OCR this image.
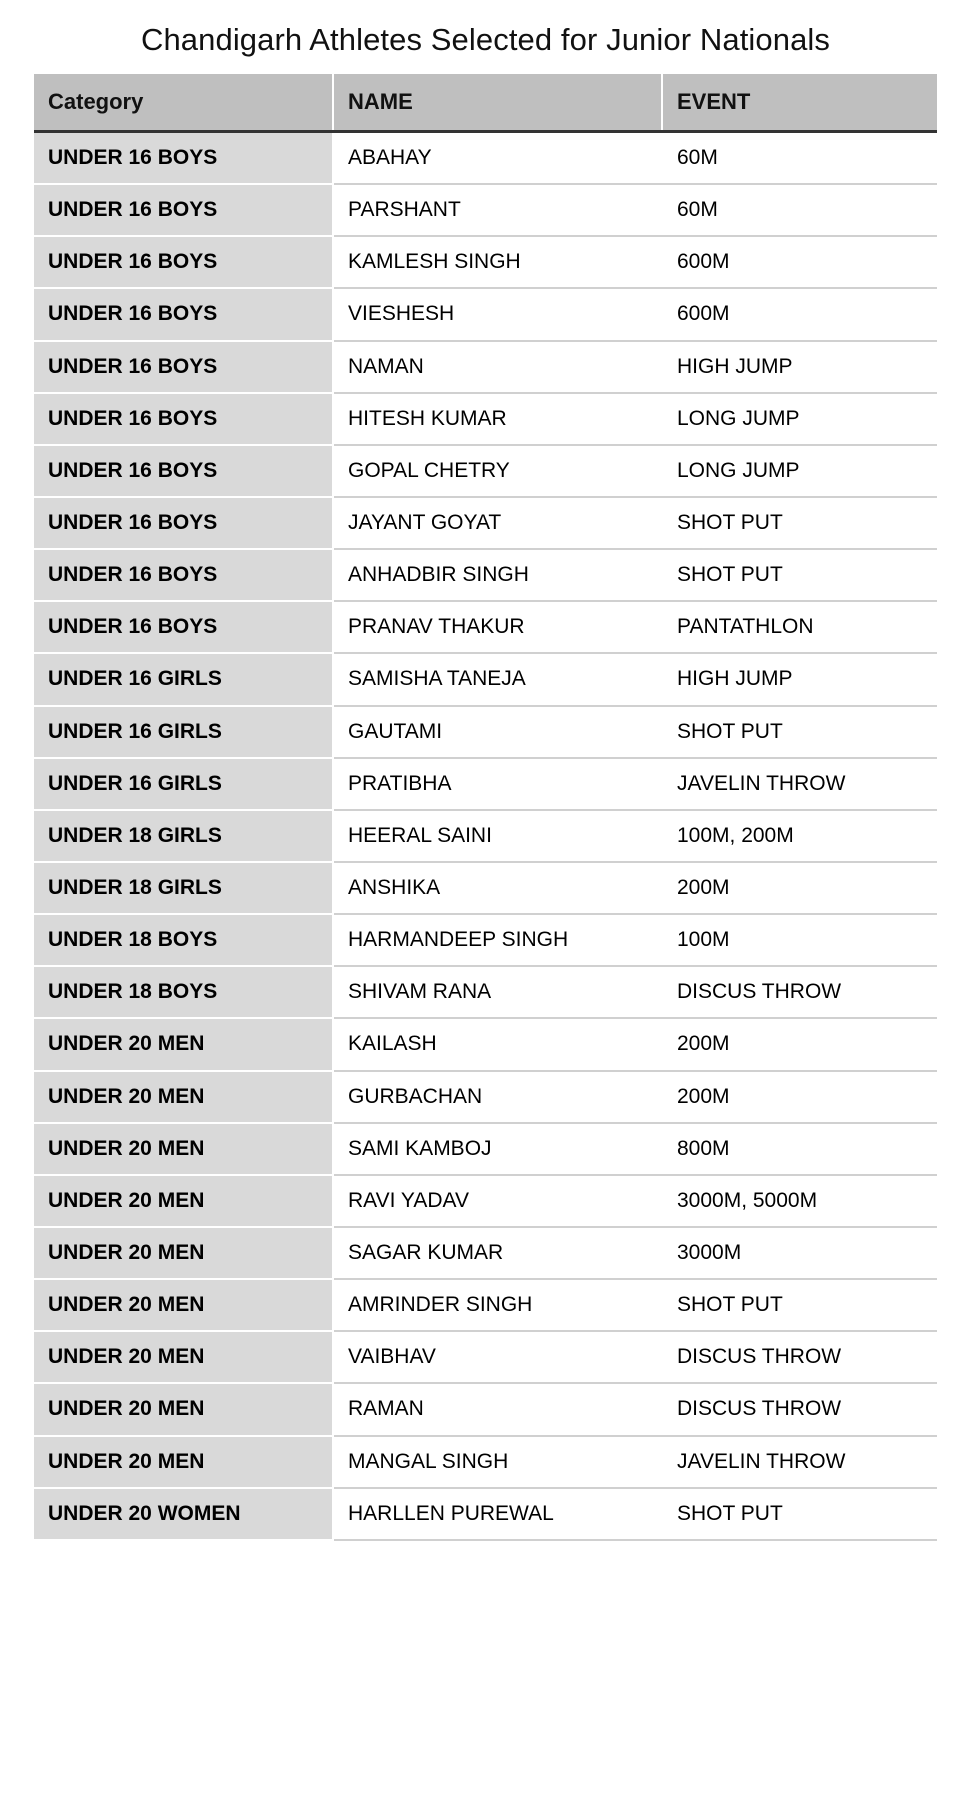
Chandigarh Athletes Selected for Junior Nationals
Category	NAME	EVENT
UNDER 16 BOYS	ABAHAY	60M
UNDER 16 BOYS	PARSHANT	60M
UNDER 16 BOYS	KAMLESH SINGH	600M
UNDER 16 BOYS	VIESHESH	600M
UNDER 16 BOYS	NAMAN	HIGH JUMP
UNDER 16 BOYS	HITESH KUMAR	LONG JUMP
UNDER 16 BOYS	GOPAL CHETRY	LONG JUMP
UNDER 16 BOYS	JAYANT GOYAT	SHOT PUT
UNDER 16 BOYS	ANHADBIR SINGH	SHOT PUT
UNDER 16 BOYS	PRANAV THAKUR	PANTATHLON
UNDER 16 GIRLS	SAMISHA TANEJA	HIGH JUMP
UNDER 16 GIRLS	GAUTAMI	SHOT PUT
UNDER 16 GIRLS	PRATIBHA	JAVELIN THROW
UNDER 18 GIRLS	HEERAL SAINI	100M, 200M
UNDER 18 GIRLS	ANSHIKA	200M
UNDER 18 BOYS	HARMANDEEP SINGH	100M
UNDER 18 BOYS	SHIVAM RANA	DISCUS THROW
UNDER 20 MEN	KAILASH	200M
UNDER 20 MEN	GURBACHAN	200M
UNDER 20 MEN	SAMI KAMBOJ	800M
UNDER 20 MEN	RAVI YADAV	3000M, 5000M
UNDER 20 MEN	SAGAR KUMAR	3000M
UNDER 20 MEN	AMRINDER SINGH	SHOT PUT
UNDER 20 MEN	VAIBHAV	DISCUS THROW
UNDER 20 MEN	RAMAN	DISCUS THROW
UNDER 20 MEN	MANGAL SINGH	JAVELIN THROW
UNDER 20 WOMEN	HARLLEN PUREWAL	SHOT PUT
